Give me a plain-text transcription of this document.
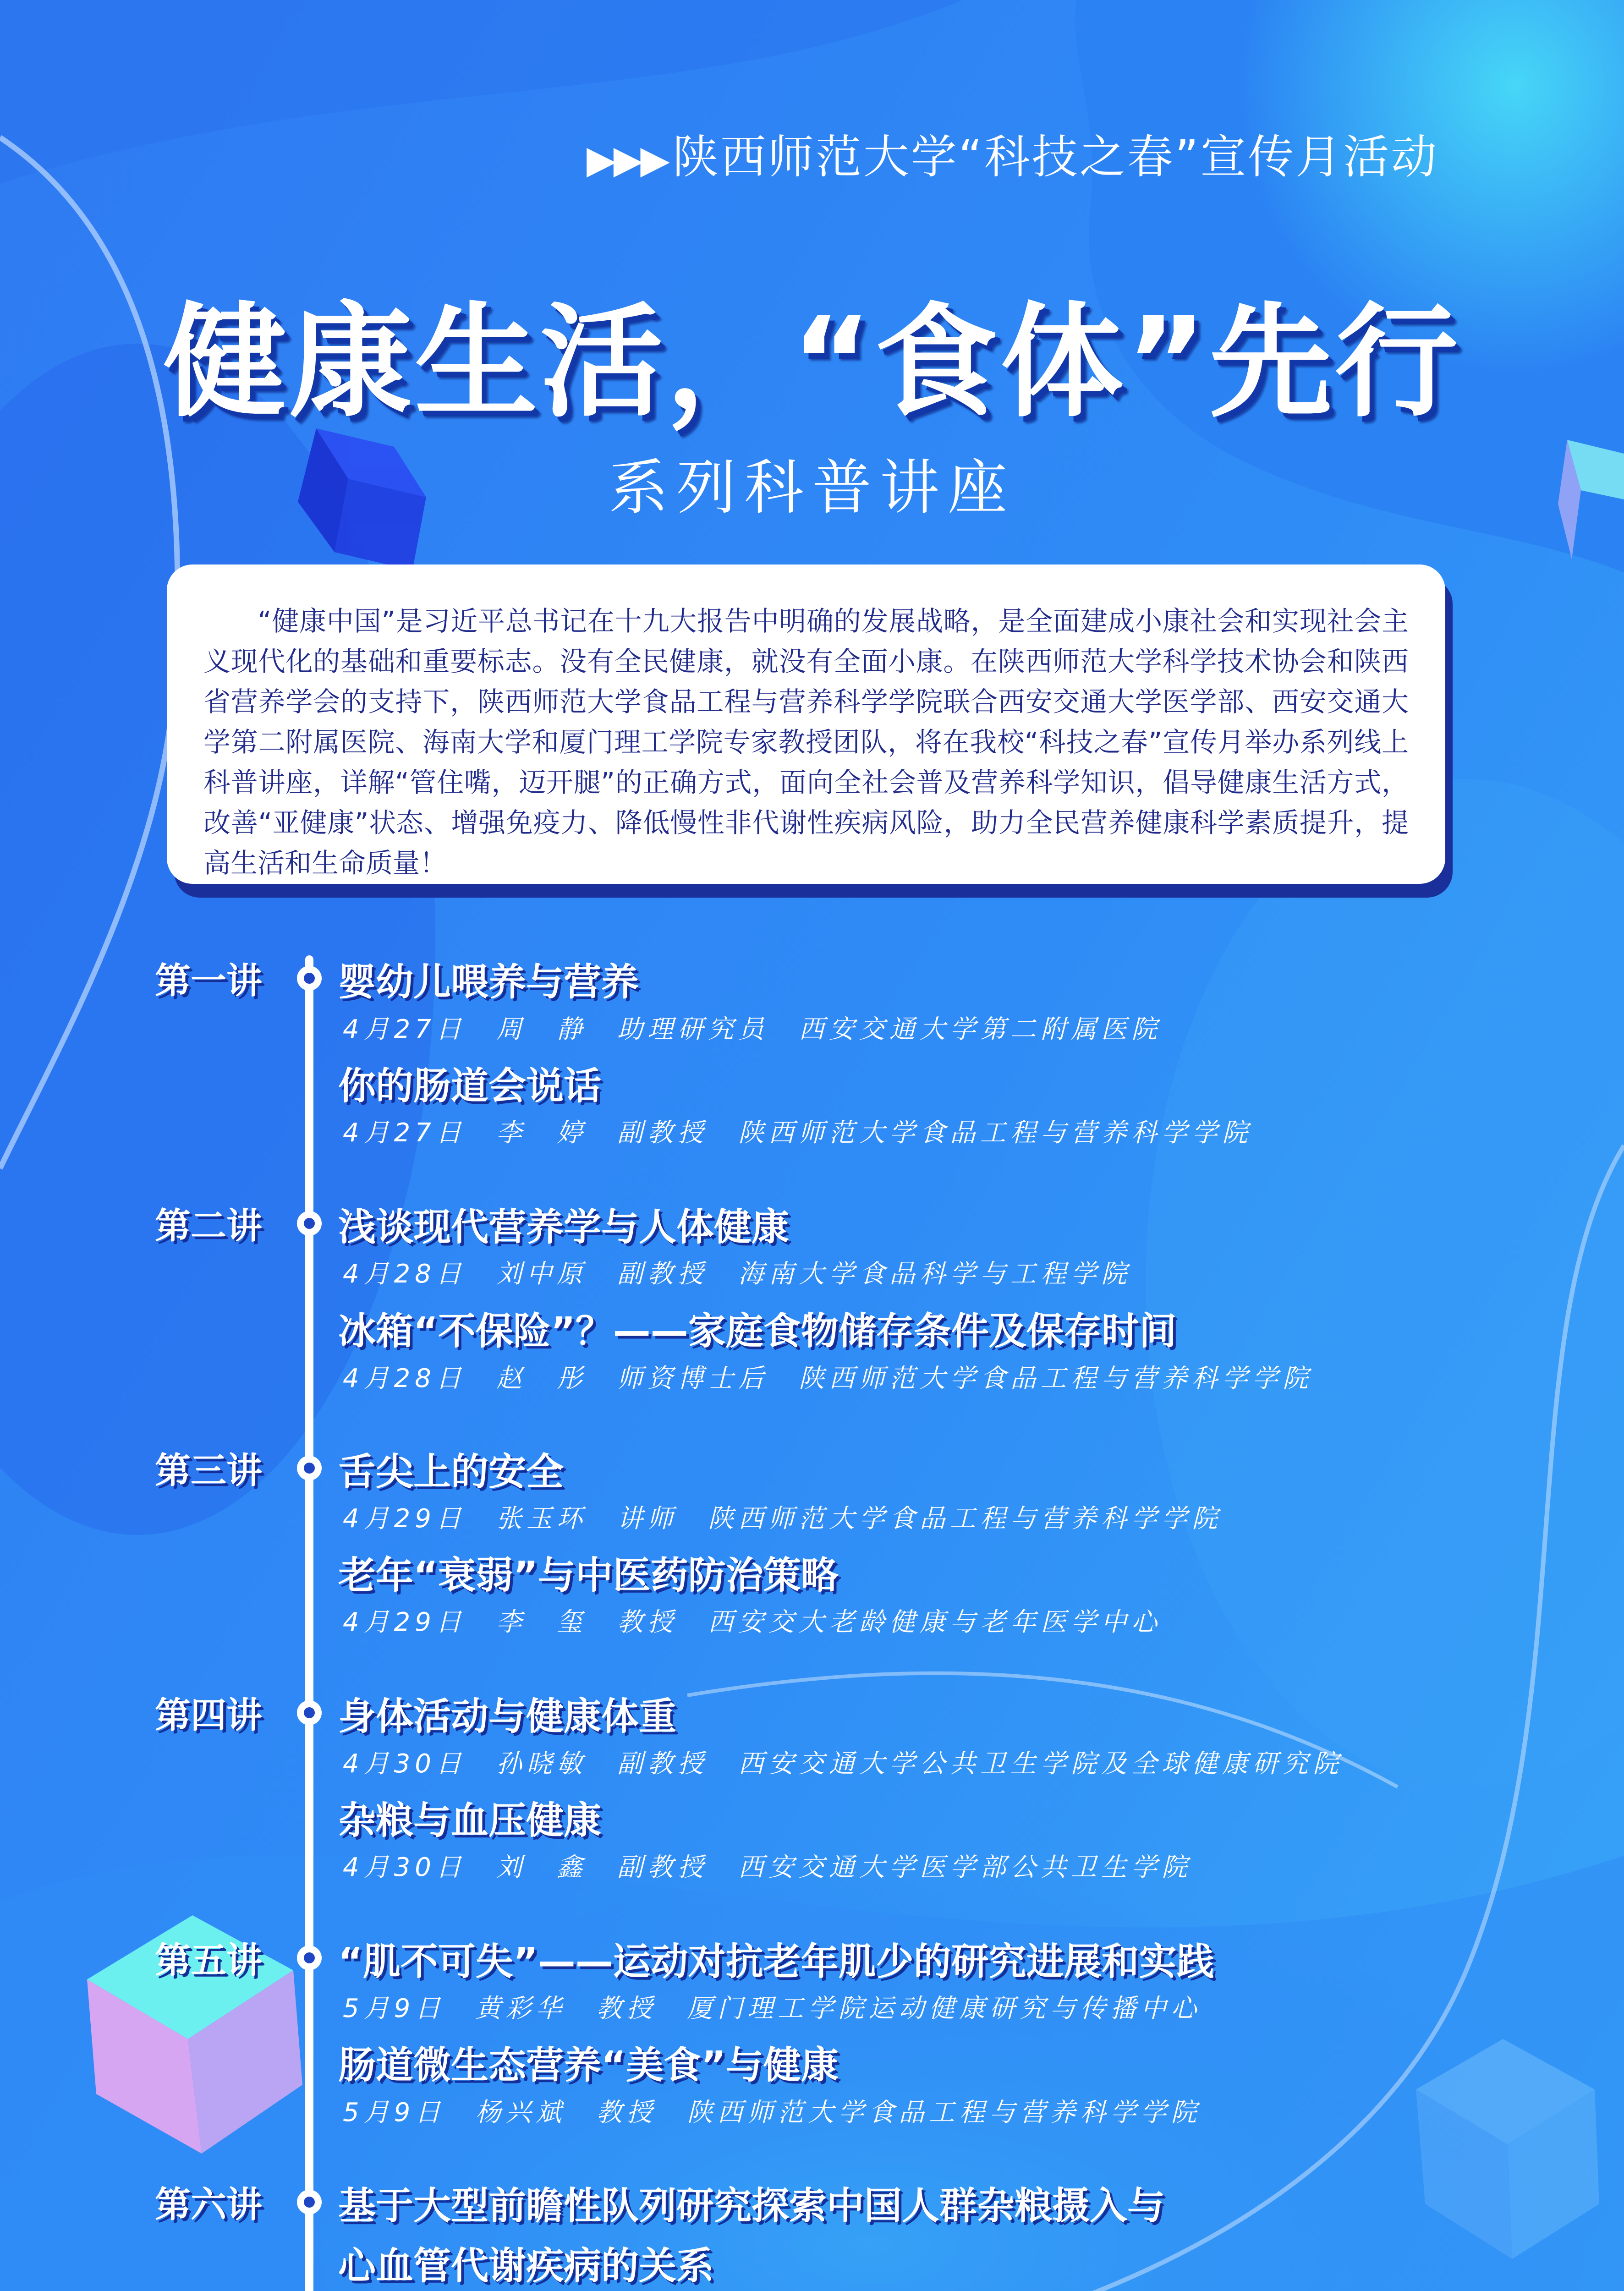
▶▶▶ 陕西师范大学“科技之春”宣传月活动
健康生活，“食体”先行
系列科普讲座

“健康中国”是习近平总书记在十九大报告中明确的发展战略，是全面建成小康社会和实现社会主义现代化的基础和重要标志。没有全民健康，就没有全面小康。在陕西师范大学科学技术协会和陕西省营养学会的支持下，陕西师范大学食品工程与营养科学学院联合西安交通大学医学部、西安交通大学第二附属医院、海南大学和厦门理工学院专家教授团队，将在我校“科技之春”宣传月举办系列线上科普讲座，详解“管住嘴，迈开腿”的正确方式，面向全社会普及营养科学知识，倡导健康生活方式，改善“亚健康”状态、增强免疫力、降低慢性非代谢性疾病风险，助力全民营养健康科学素质提升，提高生活和生命质量！

第一讲 婴幼儿喂养与营养
4月27日　周　静　助理研究员　西安交通大学第二附属医院
你的肠道会说话
4月27日　李　婷　副教授　陕西师范大学食品工程与营养科学学院
第二讲 浅谈现代营养学与人体健康
4月28日　刘中原　副教授　海南大学食品科学与工程学院
冰箱“不保险”？——家庭食物储存条件及保存时间
4月28日　赵　彤　师资博士后　陕西师范大学食品工程与营养科学学院
第三讲 舌尖上的安全
4月29日　张玉环　讲师　陕西师范大学食品工程与营养科学学院
老年“衰弱”与中医药防治策略
4月29日　李　玺　教授　西安交大老龄健康与老年医学中心
第四讲 身体活动与健康体重
4月30日　孙晓敏　副教授　西安交通大学公共卫生学院及全球健康研究院
杂粮与血压健康
4月30日　刘　鑫　副教授　西安交通大学医学部公共卫生学院
第五讲 “肌不可失”——运动对抗老年肌少的研究进展和实践
5月9日　黄彩华　教授　厦门理工学院运动健康研究与传播中心
肠道微生态营养“美食”与健康
5月9日　杨兴斌　教授　陕西师范大学食品工程与营养科学学院
第六讲 基于大型前瞻性队列研究探索中国人群杂粮摄入与
心血管代谢疾病的关系
